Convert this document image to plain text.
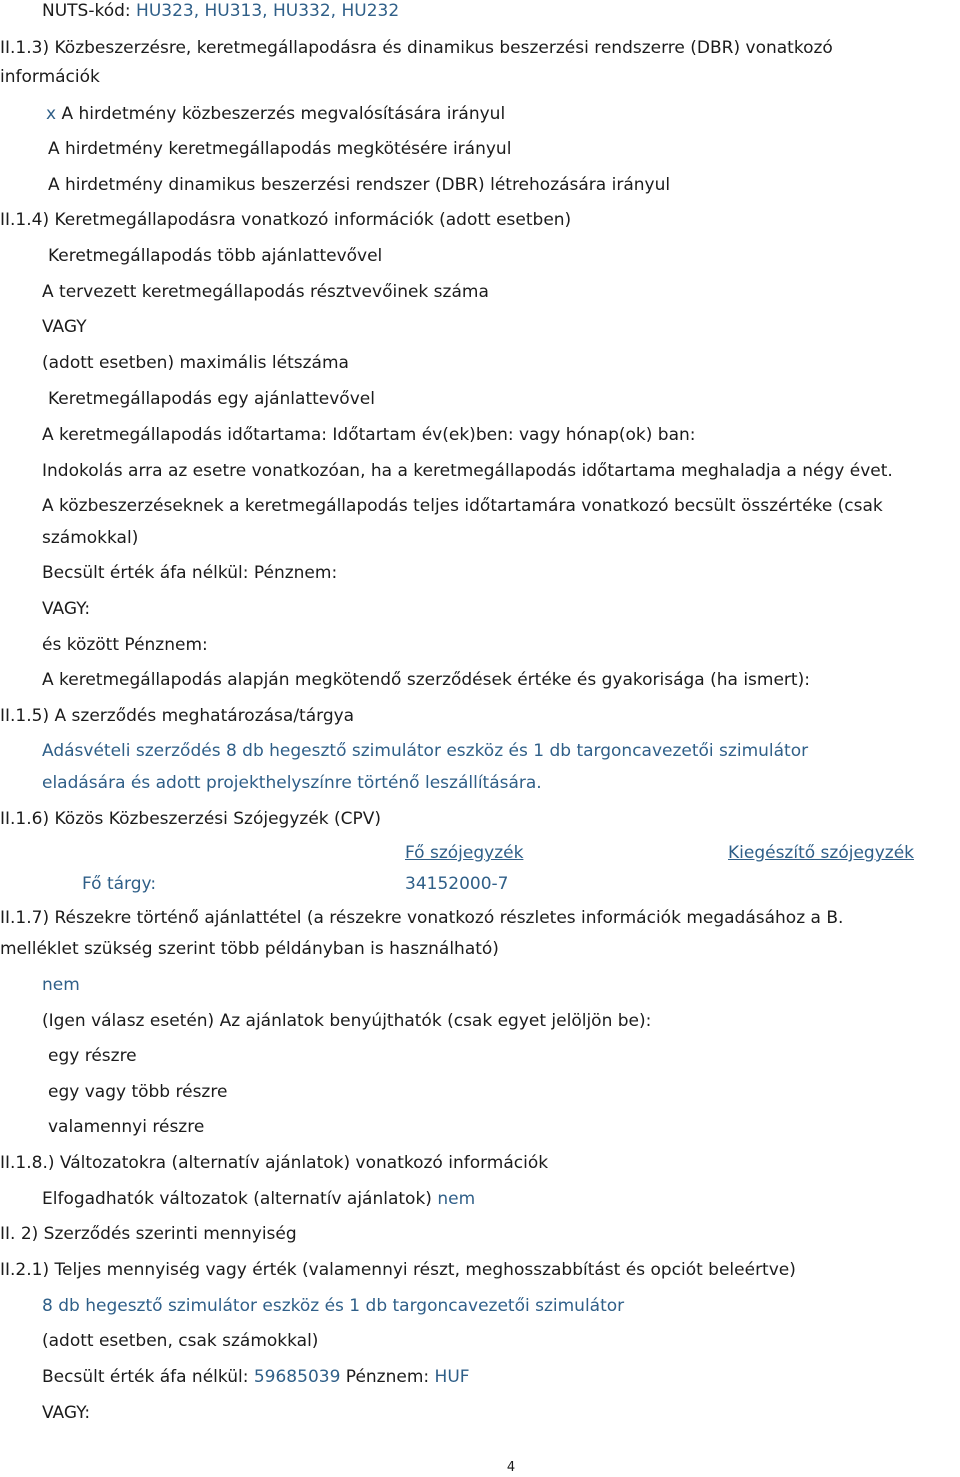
NUTS-kód: HU323, HU313, HU332, HU232
II.1.3) Közbeszerzésre, keretmegállapodásra és dinamikus beszerzési rendszerre (DBR) vonatkozó
információk
x A hirdetmény közbeszerzés megvalósítására irányul
A hirdetmény keretmegállapodás megkötésére irányul
A hirdetmény dinamikus beszerzési rendszer (DBR) létrehozására irányul
II.1.4) Keretmegállapodásra vonatkozó információk (adott esetben)
Keretmegállapodás több ajánlattevővel
A tervezett keretmegállapodás résztvevőinek száma
VAGY
(adott esetben) maximális létszáma
Keretmegállapodás egy ajánlattevővel
A keretmegállapodás időtartama: Időtartam év(ek)ben: vagy hónap(ok) ban:
Indokolás arra az esetre vonatkozóan, ha a keretmegállapodás időtartama meghaladja a négy évet.
A közbeszerzéseknek a keretmegállapodás teljes időtartamára vonatkozó becsült összértéke (csak
számokkal)
Becsült érték áfa nélkül: Pénznem:
VAGY:
és között Pénznem:
A keretmegállapodás alapján megkötendő szerződések értéke és gyakorisága (ha ismert):
II.1.5) A szerződés meghatározása/tárgya
Adásvételi szerződés 8 db hegesztő szimulátor eszköz és 1 db targoncavezetői szimulátor
eladására és adott projekthelyszínre történő leszállítására.
II.1.6) Közös Közbeszerzési Szójegyzék (CPV)
Fő szójegyzék	Kiegészítő szójegyzék
Fő tárgy:	34152000-7
II.1.7) Részekre történő ajánlattétel (a részekre vonatkozó részletes információk megadásához a B.
melléklet szükség szerint több példányban is használható)
nem
(Igen válasz esetén) Az ajánlatok benyújthatók (csak egyet jelöljön be):
egy részre
egy vagy több részre
valamennyi részre
II.1.8.) Változatokra (alternatív ajánlatok) vonatkozó információk
Elfogadhatók változatok (alternatív ajánlatok) nem
II. 2) Szerződés szerinti mennyiség
II.2.1) Teljes mennyiség vagy érték (valamennyi részt, meghosszabbítást és opciót beleértve)
8 db hegesztő szimulátor eszköz és 1 db targoncavezetői szimulátor
(adott esetben, csak számokkal)
Becsült érték áfa nélkül: 59685039 Pénznem: HUF
VAGY:
4
